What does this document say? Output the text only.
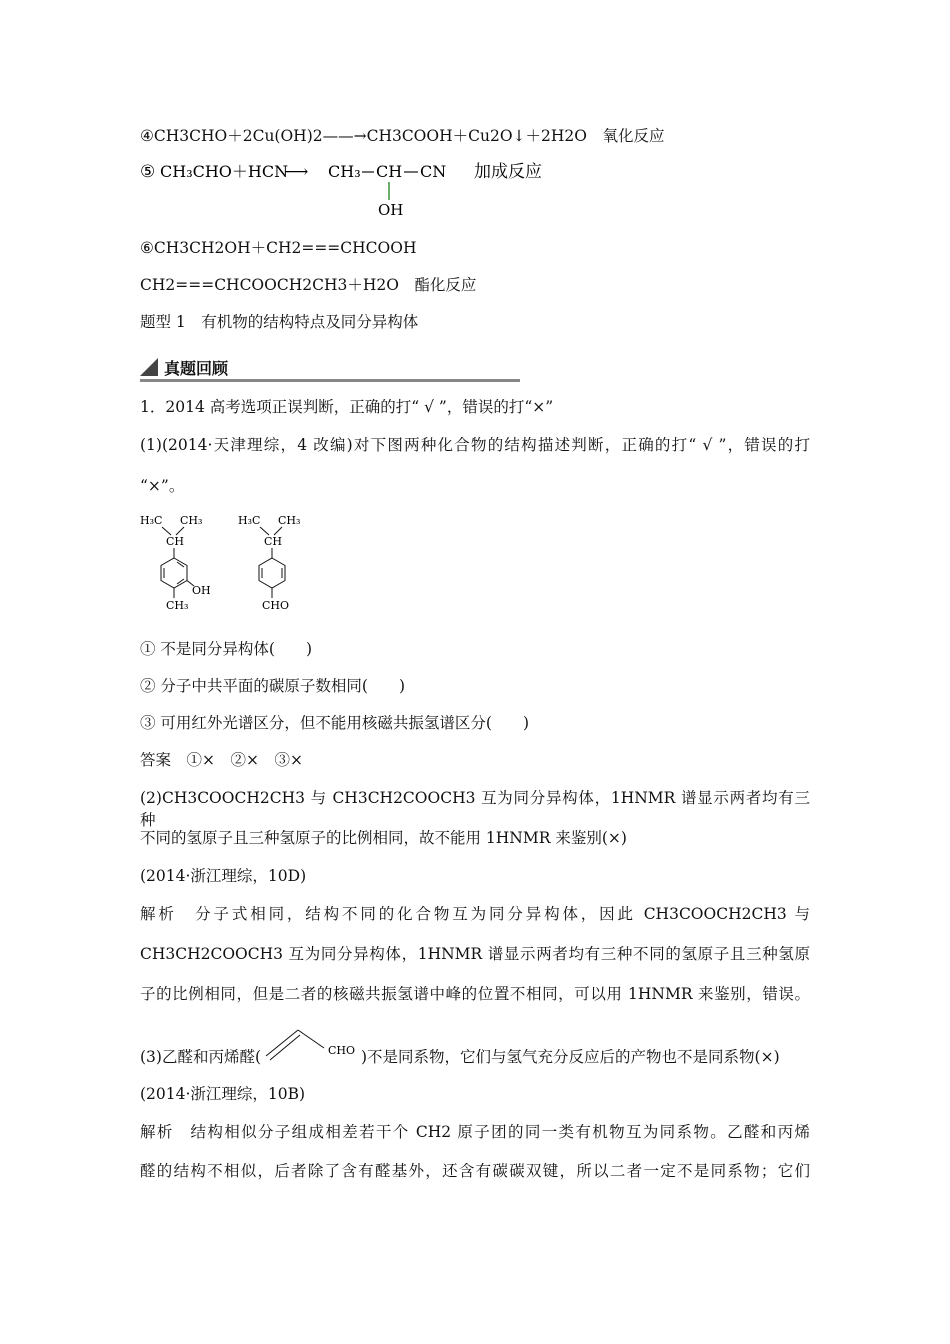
④CH3CHO＋2Cu(OH)2——→CH3COOH＋Cu2O↓＋2H2O　氧化反应
⑤ CH₃CHO＋HCN
⟶ CH₃ CH CN
OH
加成反应
⑥CH3CH2OH＋CH2===CHCOOH
CH2===CHCOOCH2CH3＋H2O　酯化反应
题型 1　有机物的结构特点及同分异构体
真题回顾
1．2014 高考选项正误判断，正确的打“ √ ”，错误的打“×”
(1)(2014·天津理综，4 改编)对下图两种化合物的结构描述判断，正确的打“ √ ”，错误的打
“×”。
H₃C CH₃
CH
OH
CH₃
H₃C CH₃
CH
CHO
① 不是同分异构体(　　)
② 分子中共平面的碳原子数相同(　　)
③ 可用红外光谱区分，但不能用核磁共振氢谱区分(　　)
答案　①×　②×　③×
(2)CH3COOCH2CH3 与 CH3CH2COOCH3 互为同分异构体，1HNMR 谱显示两者均有三种
不同的氢原子且三种氢原子的比例相同，故不能用 1HNMR 来鉴别(×)
(2014·浙江理综，10D)
解析　分子式相同，结构不同的化合物互为同分异构体，因此 CH3COOCH2CH3 与
CH3CH2COOCH3 互为同分异构体，1HNMR 谱显示两者均有三种不同的氢原子且三种氢原
子的比例相同，但是二者的核磁共振氢谱中峰的位置不相同，可以用 1HNMR 来鉴别，错误。
(3)乙醛和丙烯醛(	CHO )不是同系物，它们与氢气充分反应后的产物也不是同系物(×)
(2014·浙江理综，10B)
解析　结构相似分子组成相差若干个 CH2 原子团的同一类有机物互为同系物。乙醛和丙烯
醛的结构不相似，后者除了含有醛基外，还含有碳碳双键，所以二者一定不是同系物；它们
